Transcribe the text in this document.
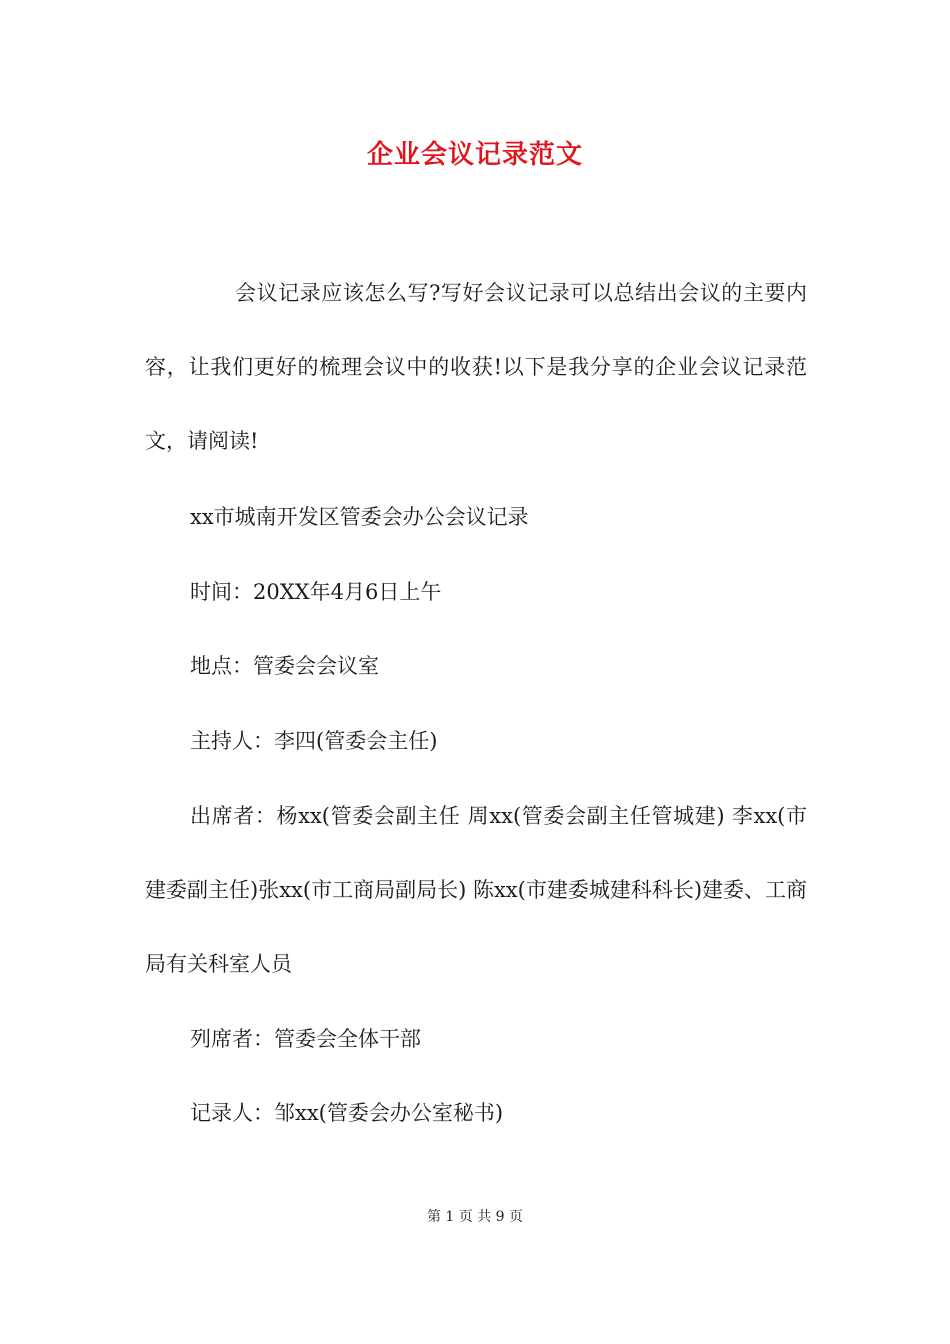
企业会议记录范文

会议记录应该怎么写?写好会议记录可以总结出会议的主要内容，让我们更好的梳理会议中的收获!以下是我分享的企业会议记录范文，请阅读!

xx市城南开发区管委会办公会议记录

时间：20XX年4月6日上午

地点：管委会会议室

主持人：李四(管委会主任)

出席者：杨xx(管委会副主任 周xx(管委会副主任管城建) 李xx(市建委副主任)张xx(市工商局副局长) 陈xx(市建委城建科科长)建委、工商局有关科室人员

列席者：管委会全体干部

记录人：邹xx(管委会办公室秘书)

第 1 页 共 9 页
